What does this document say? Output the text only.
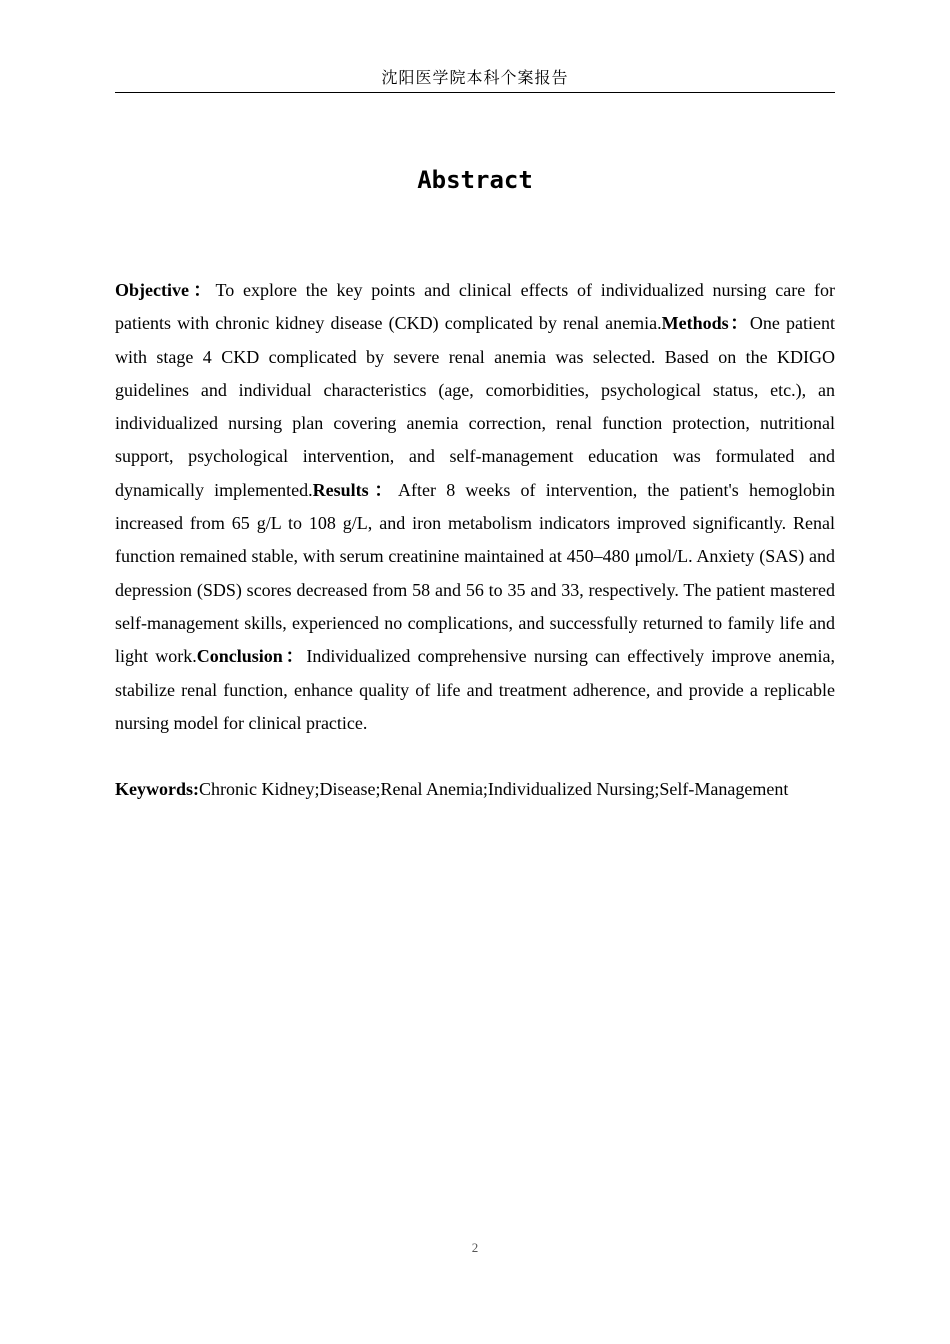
沈阳医学院本科个案报告
Abstract

Objective：To explore the key points and clinical effects of individualized nursing care for patients with chronic kidney disease (CKD) complicated by renal anemia.Methods：One patient with stage 4 CKD complicated by severe renal anemia was selected. Based on the KDIGO guidelines and individual characteristics (age, comorbidities, psychological status, etc.), an individualized nursing plan covering anemia correction, renal function protection, nutritional support, psychological intervention, and self-management education was formulated and dynamically implemented.Results：After 8 weeks of intervention, the patient's hemoglobin increased from 65 g/L to 108 g/L, and iron metabolism indicators improved significantly. Renal function remained stable, with serum creatinine maintained at 450–480 μmol/L. Anxiety (SAS) and depression (SDS) scores decreased from 58 and 56 to 35 and 33, respectively. The patient mastered self-management skills, experienced no complications, and successfully returned to family life and light work.Conclusion：Individualized comprehensive nursing can effectively improve anemia, stabilize renal function, enhance quality of life and treatment adherence, and provide a replicable nursing model for clinical practice.

Keywords:Chronic Kidney;Disease;Renal Anemia;Individualized Nursing;Self-Management

2
